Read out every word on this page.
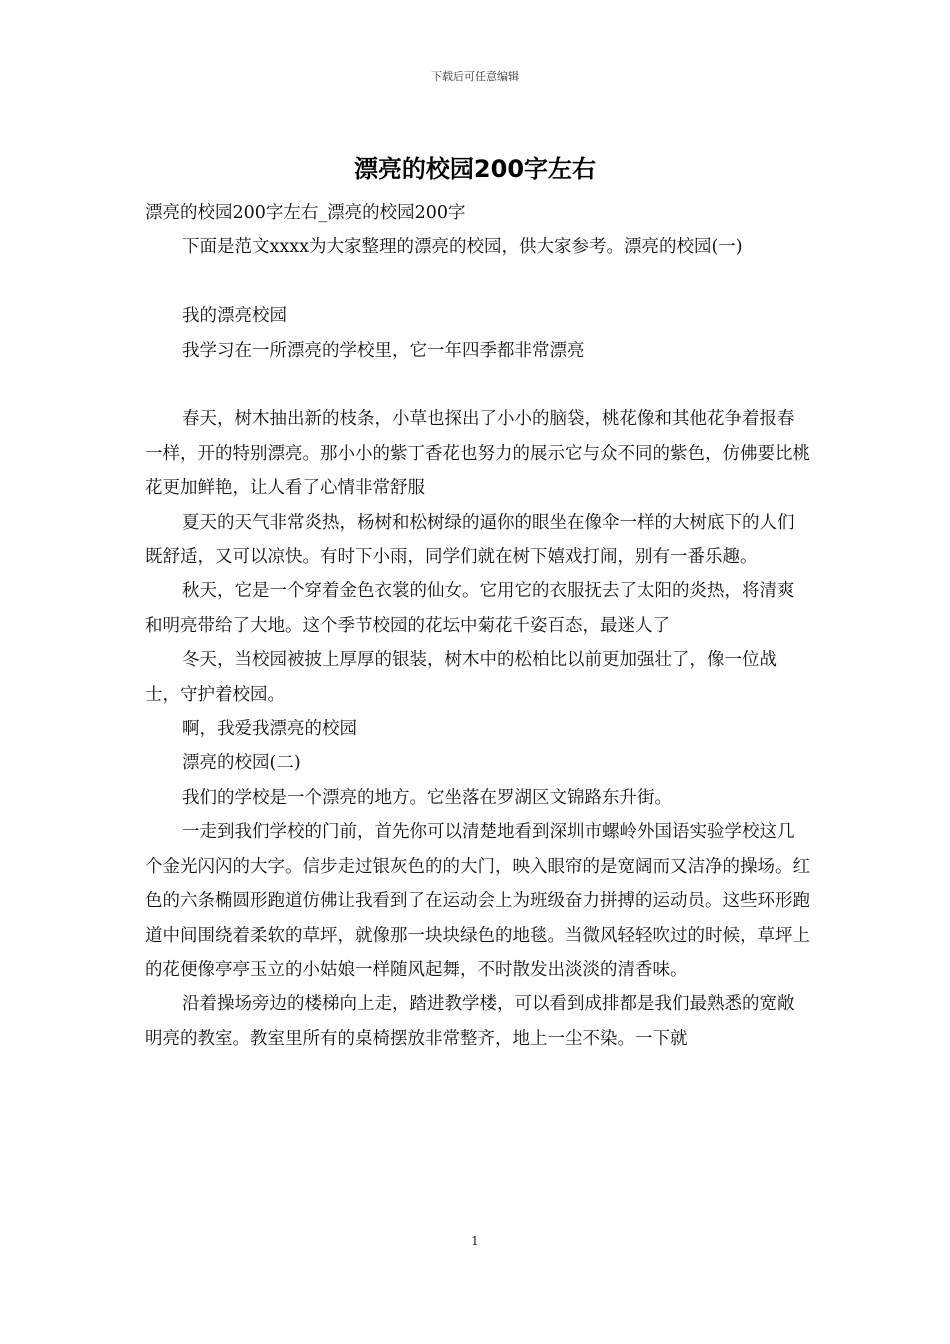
下载后可任意编辑
漂亮的校园200字左右

漂亮的校园200字左右_漂亮的校园200字

下面是范文xxxx为大家整理的漂亮的校园，供大家参考。漂亮的校园(一)

我的漂亮校园

我学习在一所漂亮的学校里，它一年四季都非常漂亮

春天，树木抽出新的枝条，小草也探出了小小的脑袋，桃花像和其他花争着报春一样，开的特别漂亮。那小小的紫丁香花也努力的展示它与众不同的紫色，仿佛要比桃花更加鲜艳，让人看了心情非常舒服

夏天的天气非常炎热，杨树和松树绿的逼你的眼坐在像伞一样的大树底下的人们既舒适，又可以凉快。有时下小雨，同学们就在树下嬉戏打闹，别有一番乐趣。

秋天，它是一个穿着金色衣裳的仙女。它用它的衣服抚去了太阳的炎热，将清爽和明亮带给了大地。这个季节校园的花坛中菊花千姿百态，最迷人了

冬天，当校园被披上厚厚的银装，树木中的松柏比以前更加强壮了，像一位战士，守护着校园。

啊，我爱我漂亮的校园

漂亮的校园(二)

我们的学校是一个漂亮的地方。它坐落在罗湖区文锦路东升街。

一走到我们学校的门前，首先你可以清楚地看到深圳市螺岭外国语实验学校这几个金光闪闪的大字。信步走过银灰色的的大门，映入眼帘的是宽阔而又洁净的操场。红色的六条椭圆形跑道仿佛让我看到了在运动会上为班级奋力拼搏的运动员。这些环形跑道中间围绕着柔软的草坪，就像那一块块绿色的地毯。当微风轻轻吹过的时候，草坪上的花便像亭亭玉立的小姑娘一样随风起舞，不时散发出淡淡的清香味。

沿着操场旁边的楼梯向上走，踏进教学楼，可以看到成排都是我们最熟悉的宽敞明亮的教室。教室里所有的桌椅摆放非常整齐，地上一尘不染。一下就

1
